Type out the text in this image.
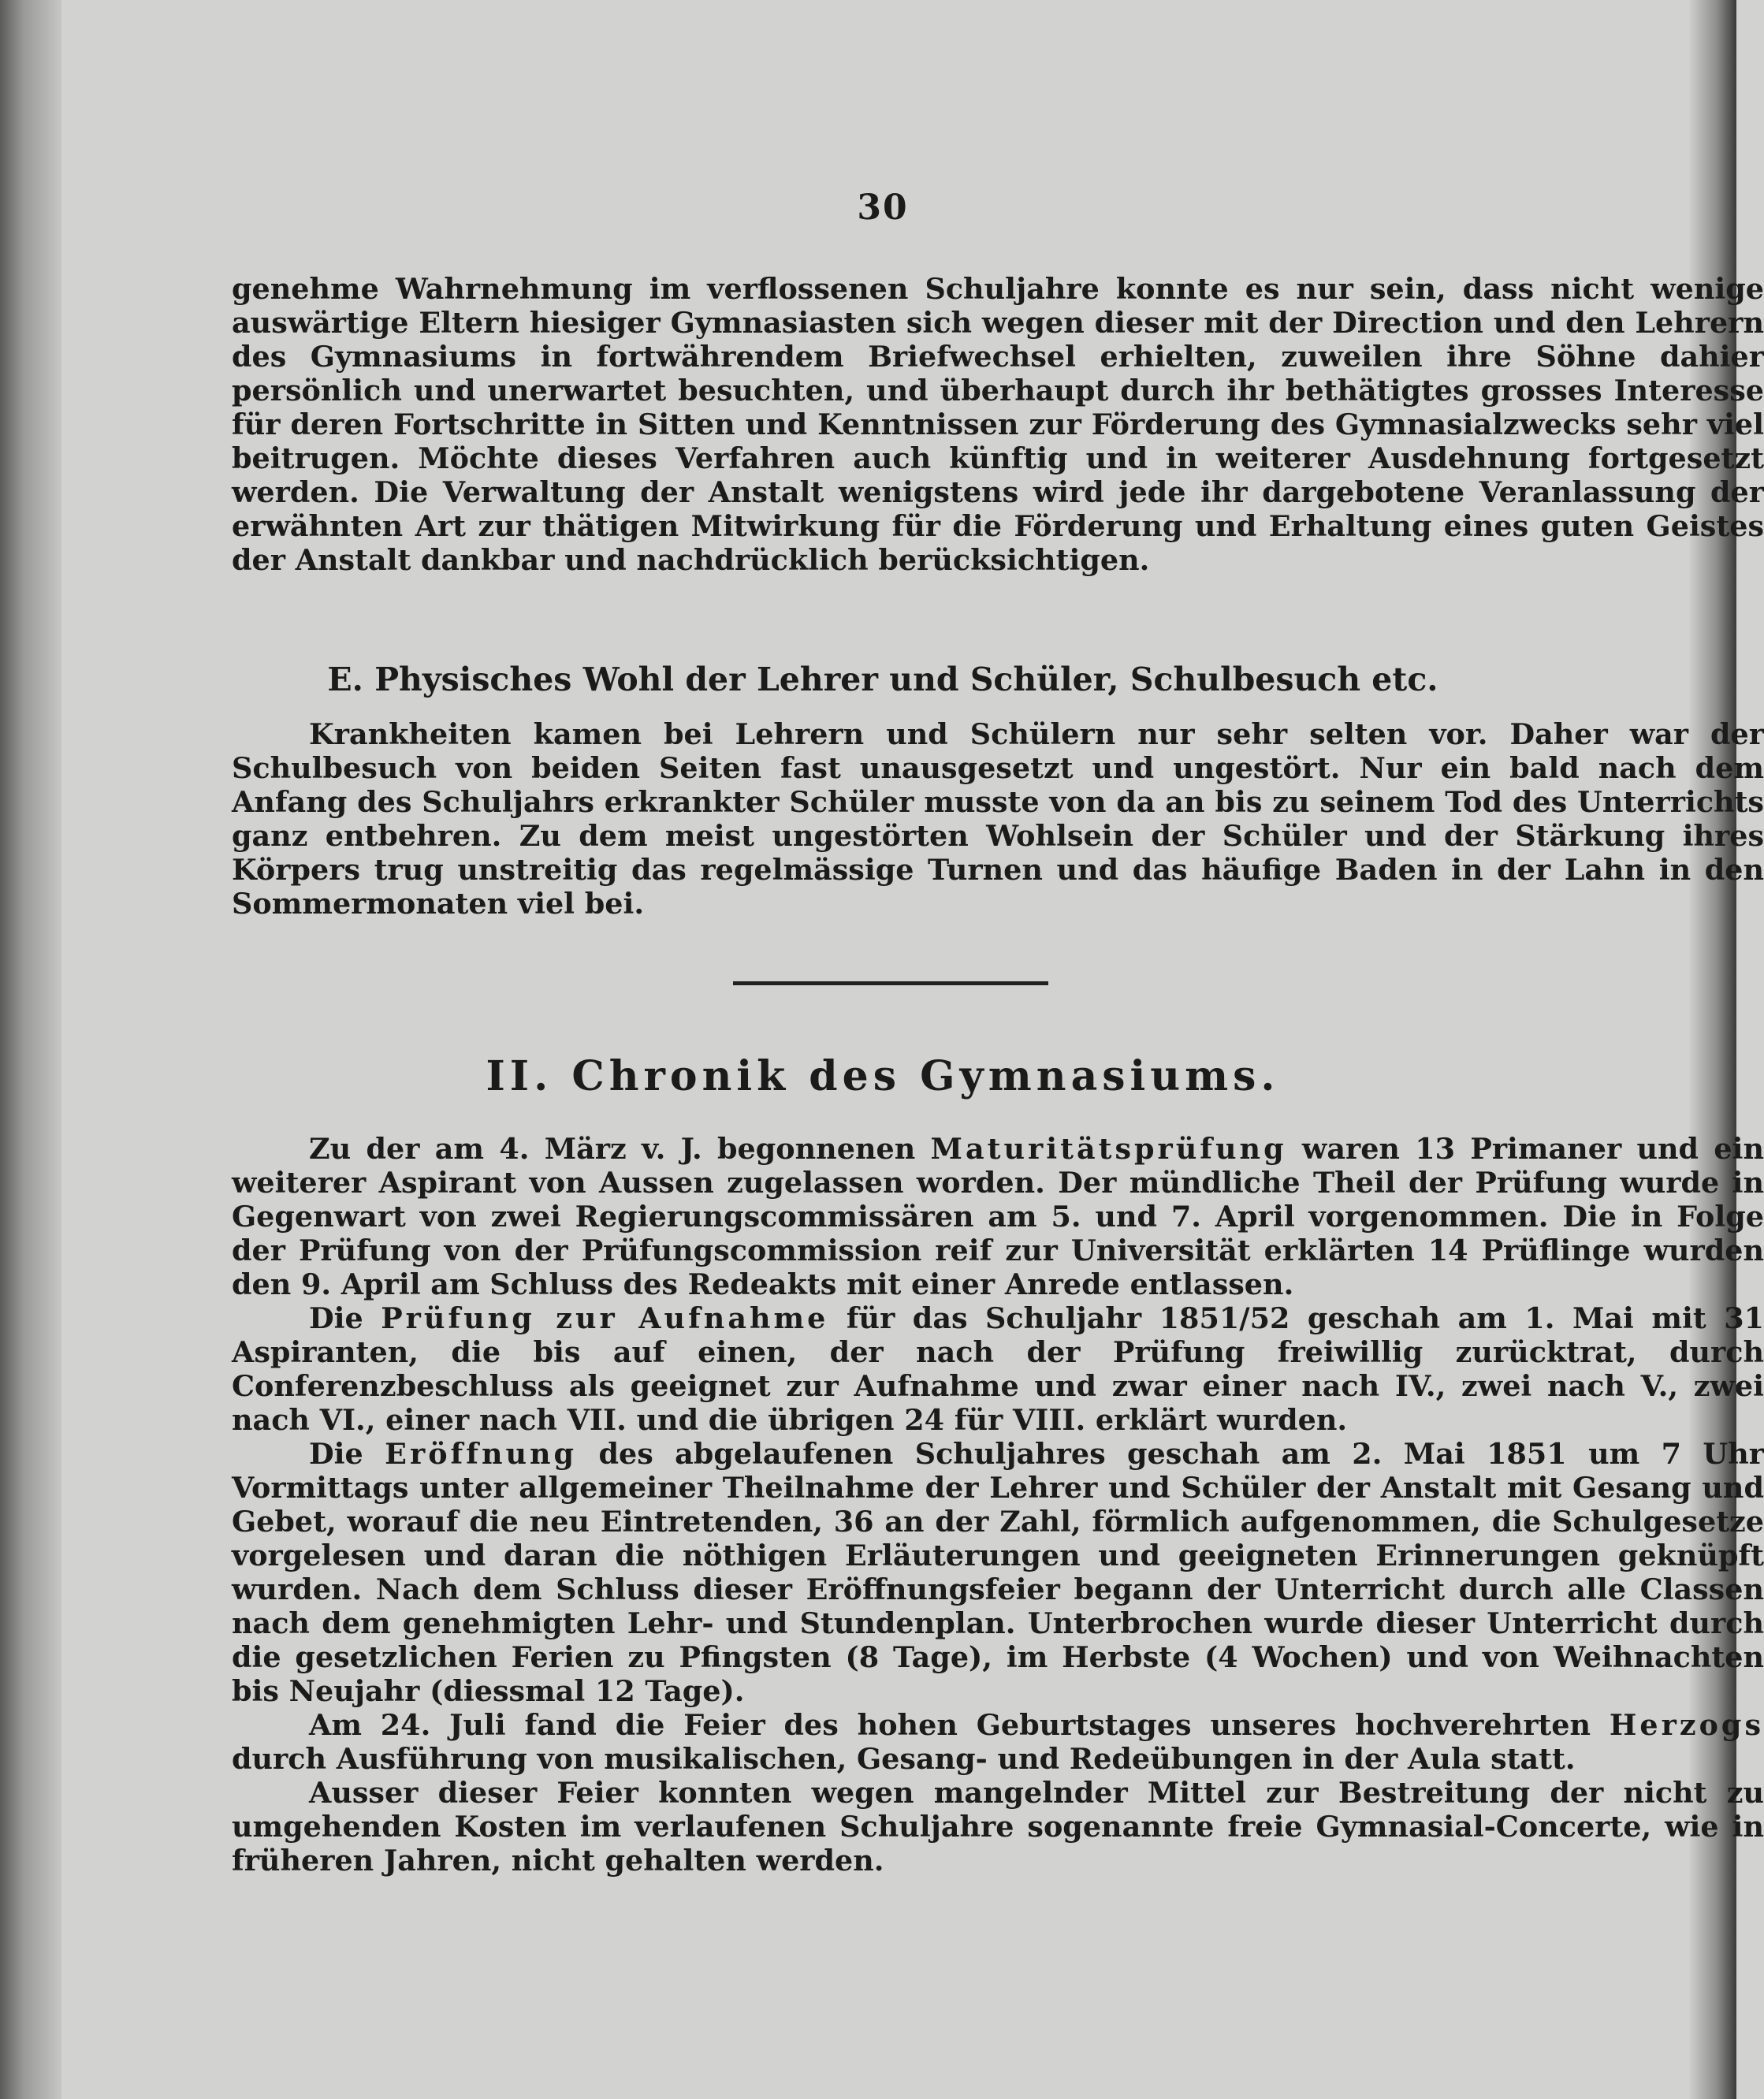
30

genehme Wahrnehmung im verflossenen Schuljahre konnte es nur sein, dass nicht wenige auswärtige Eltern hiesiger Gymnasiasten sich wegen dieser mit der Direction und den Lehrern des Gymnasiums in fortwährendem Briefwechsel erhielten, zuweilen ihre Söhne dahier persönlich und unerwartet besuchten, und überhaupt durch ihr bethätigtes grosses Interesse für deren Fortschritte in Sitten und Kenntnissen zur Förderung des Gymnasialzwecks sehr viel beitrugen. Möchte dieses Verfahren auch künftig und in weiterer Ausdehnung fortgesetzt werden. Die Verwaltung der Anstalt wenigstens wird jede ihr dargebotene Veranlassung der erwähnten Art zur thätigen Mitwirkung für die Förderung und Erhaltung eines guten Geistes der Anstalt dankbar und nachdrücklich berücksichtigen.

E. Physisches Wohl der Lehrer und Schüler, Schulbesuch etc.

Krankheiten kamen bei Lehrern und Schülern nur sehr selten vor. Daher war der Schulbesuch von beiden Seiten fast unausgesetzt und ungestört. Nur ein bald nach dem Anfang des Schuljahrs erkrankter Schüler musste von da an bis zu seinem Tod des Unterrichts ganz entbehren. Zu dem meist ungestörten Wohlsein der Schüler und der Stärkung ihres Körpers trug unstreitig das regelmässige Turnen und das häufige Baden in der Lahn in den Sommermonaten viel bei.

II. Chronik des Gymnasiums.

Zu der am 4. März v. J. begonnenen Maturitätsprüfung waren 13 Primaner und ein weiterer Aspirant von Aussen zugelassen worden. Der mündliche Theil der Prüfung wurde in Gegenwart von zwei Regierungscommissären am 5. und 7. April vorgenommen. Die in Folge der Prüfung von der Prüfungscommission reif zur Universität erklärten 14 Prüflinge wurden den 9. April am Schluss des Redeakts mit einer Anrede entlassen.

Die Prüfung zur Aufnahme für das Schuljahr 1851/52 geschah am 1. Mai mit 31 Aspiranten, die bis auf einen, der nach der Prüfung freiwillig zurücktrat, durch Conferenzbeschluss als geeignet zur Aufnahme und zwar einer nach IV., zwei nach V., zwei nach VI., einer nach VII. und die übrigen 24 für VIII. erklärt wurden.

Die Eröffnung des abgelaufenen Schuljahres geschah am 2. Mai 1851 um 7 Uhr Vormittags unter allgemeiner Theilnahme der Lehrer und Schüler der Anstalt mit Gesang und Gebet, worauf die neu Eintretenden, 36 an der Zahl, förmlich aufgenommen, die Schulgesetze vorgelesen und daran die nöthigen Erläuterungen und geeigneten Erinnerungen geknüpft wurden. Nach dem Schluss dieser Eröffnungsfeier begann der Unterricht durch alle Classen nach dem genehmigten Lehr- und Stundenplan. Unterbrochen wurde dieser Unterricht durch die gesetzlichen Ferien zu Pfingsten (8 Tage), im Herbste (4 Wochen) und von Weihnachten bis Neujahr (diessmal 12 Tage).

Am 24. Juli fand die Feier des hohen Geburtstages unseres hochverehrten Herzogs durch Ausführung von musikalischen, Gesang- und Redeübungen in der Aula statt.

Ausser dieser Feier konnten wegen mangelnder Mittel zur Bestreitung der nicht zu umgehenden Kosten im verlaufenen Schuljahre sogenannte freie Gymnasial-Concerte, wie in früheren Jahren, nicht gehalten werden.
